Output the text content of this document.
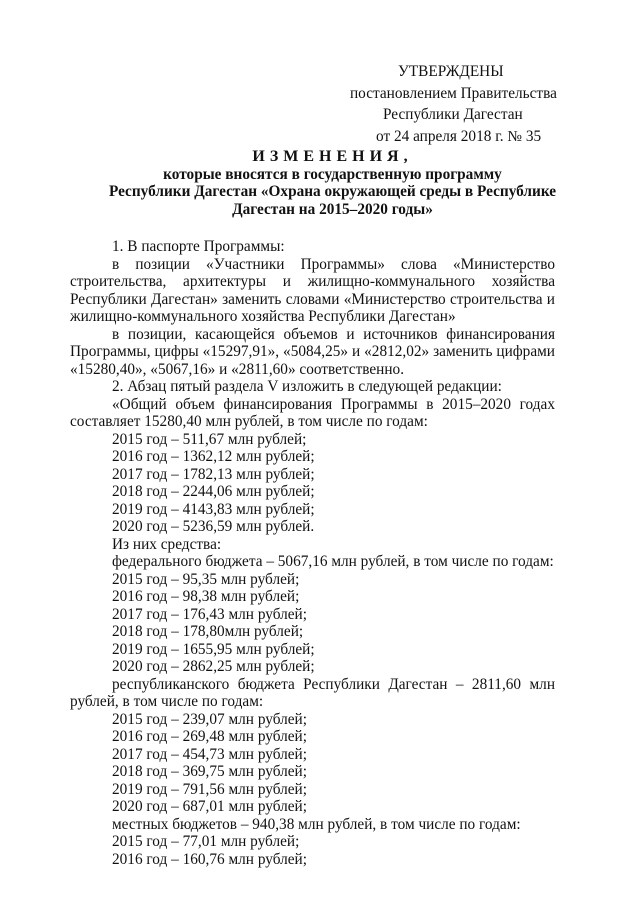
УТВЕРЖДЕНЫ
постановлением Правительства
Республики Дагестан
от 24 апреля 2018 г. № 35
ИЗМЕНЕНИЯ,
которые вносятся в государственную программу
Республики Дагестан «Охрана окружающей среды в Республике
Дагестан на 2015–2020 годы»
1. В паспорте Программы:
в позиции «Участники Программы» слова «Министерство
строительства, архитектуры и жилищно-коммунального хозяйства
Республики Дагестан» заменить словами «Министерство строительства и
жилищно-коммунального хозяйства Республики Дагестан»
в позиции, касающейся объемов и источников финансирования
Программы, цифры «15297,91», «5084,25» и «2812,02» заменить цифрами
«15280,40», «5067,16» и «2811,60» соответственно.
2. Абзац пятый раздела V изложить в следующей редакции:
«Общий объем финансирования Программы в 2015–2020 годах
составляет 15280,40 млн рублей, в том числе по годам:
2015 год – 511,67 млн рублей;
2016 год – 1362,12 млн рублей;
2017 год – 1782,13 млн рублей;
2018 год – 2244,06 млн рублей;
2019 год – 4143,83 млн рублей;
2020 год – 5236,59 млн рублей.
Из них средства:
федерального бюджета – 5067,16 млн рублей, в том числе по годам:
2015 год – 95,35 млн рублей;
2016 год – 98,38 млн рублей;
2017 год – 176,43 млн рублей;
2018 год – 178,80млн рублей;
2019 год – 1655,95 млн рублей;
2020 год – 2862,25 млн рублей;
республиканского бюджета Республики Дагестан – 2811,60 млн
рублей, в том числе по годам:
2015 год – 239,07 млн рублей;
2016 год – 269,48 млн рублей;
2017 год – 454,73 млн рублей;
2018 год – 369,75 млн рублей;
2019 год – 791,56 млн рублей;
2020 год – 687,01 млн рублей;
местных бюджетов – 940,38 млн рублей, в том числе по годам:
2015 год – 77,01 млн рублей;
2016 год – 160,76 млн рублей;
